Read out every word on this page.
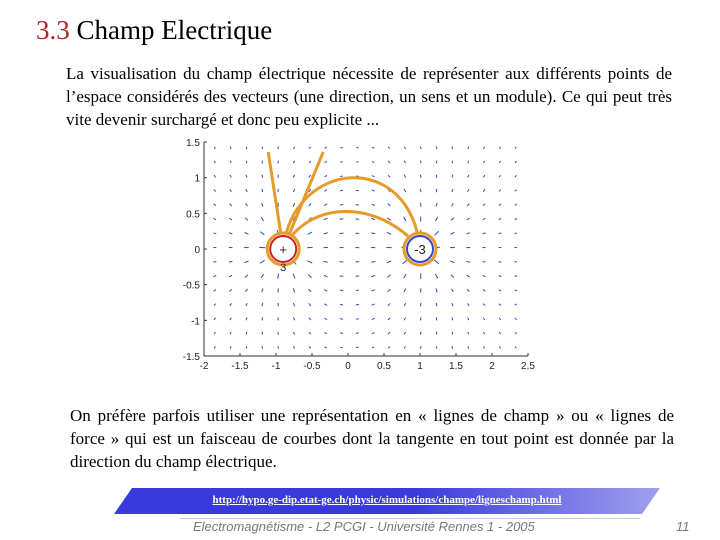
3.3 Champ Electrique
La visualisation du champ électrique nécessite de représenter aux différents points de l’espace considérés des vecteurs (une direction, un sens et un module). Ce qui peut très vite devenir surchargé et donc peu explicite ...
-2 -1.5 -1 -0.5 0	0.5	1	1.5	2	2.5
1.5
1
0.5
0
-0.5
-1
-1.5
+
3
-3
On préfère parfois utiliser une représentation en « lignes de champ » ou « lignes de force » qui est un faisceau de courbes dont la tangente en tout point est donnée par la direction du champ électrique.
http://hypo.ge-dip.etat-ge.ch/physic/simulations/champe/ligneschamp.html
Electromagnétisme - L2 PCGI - Université Rennes 1 - 2005	11
